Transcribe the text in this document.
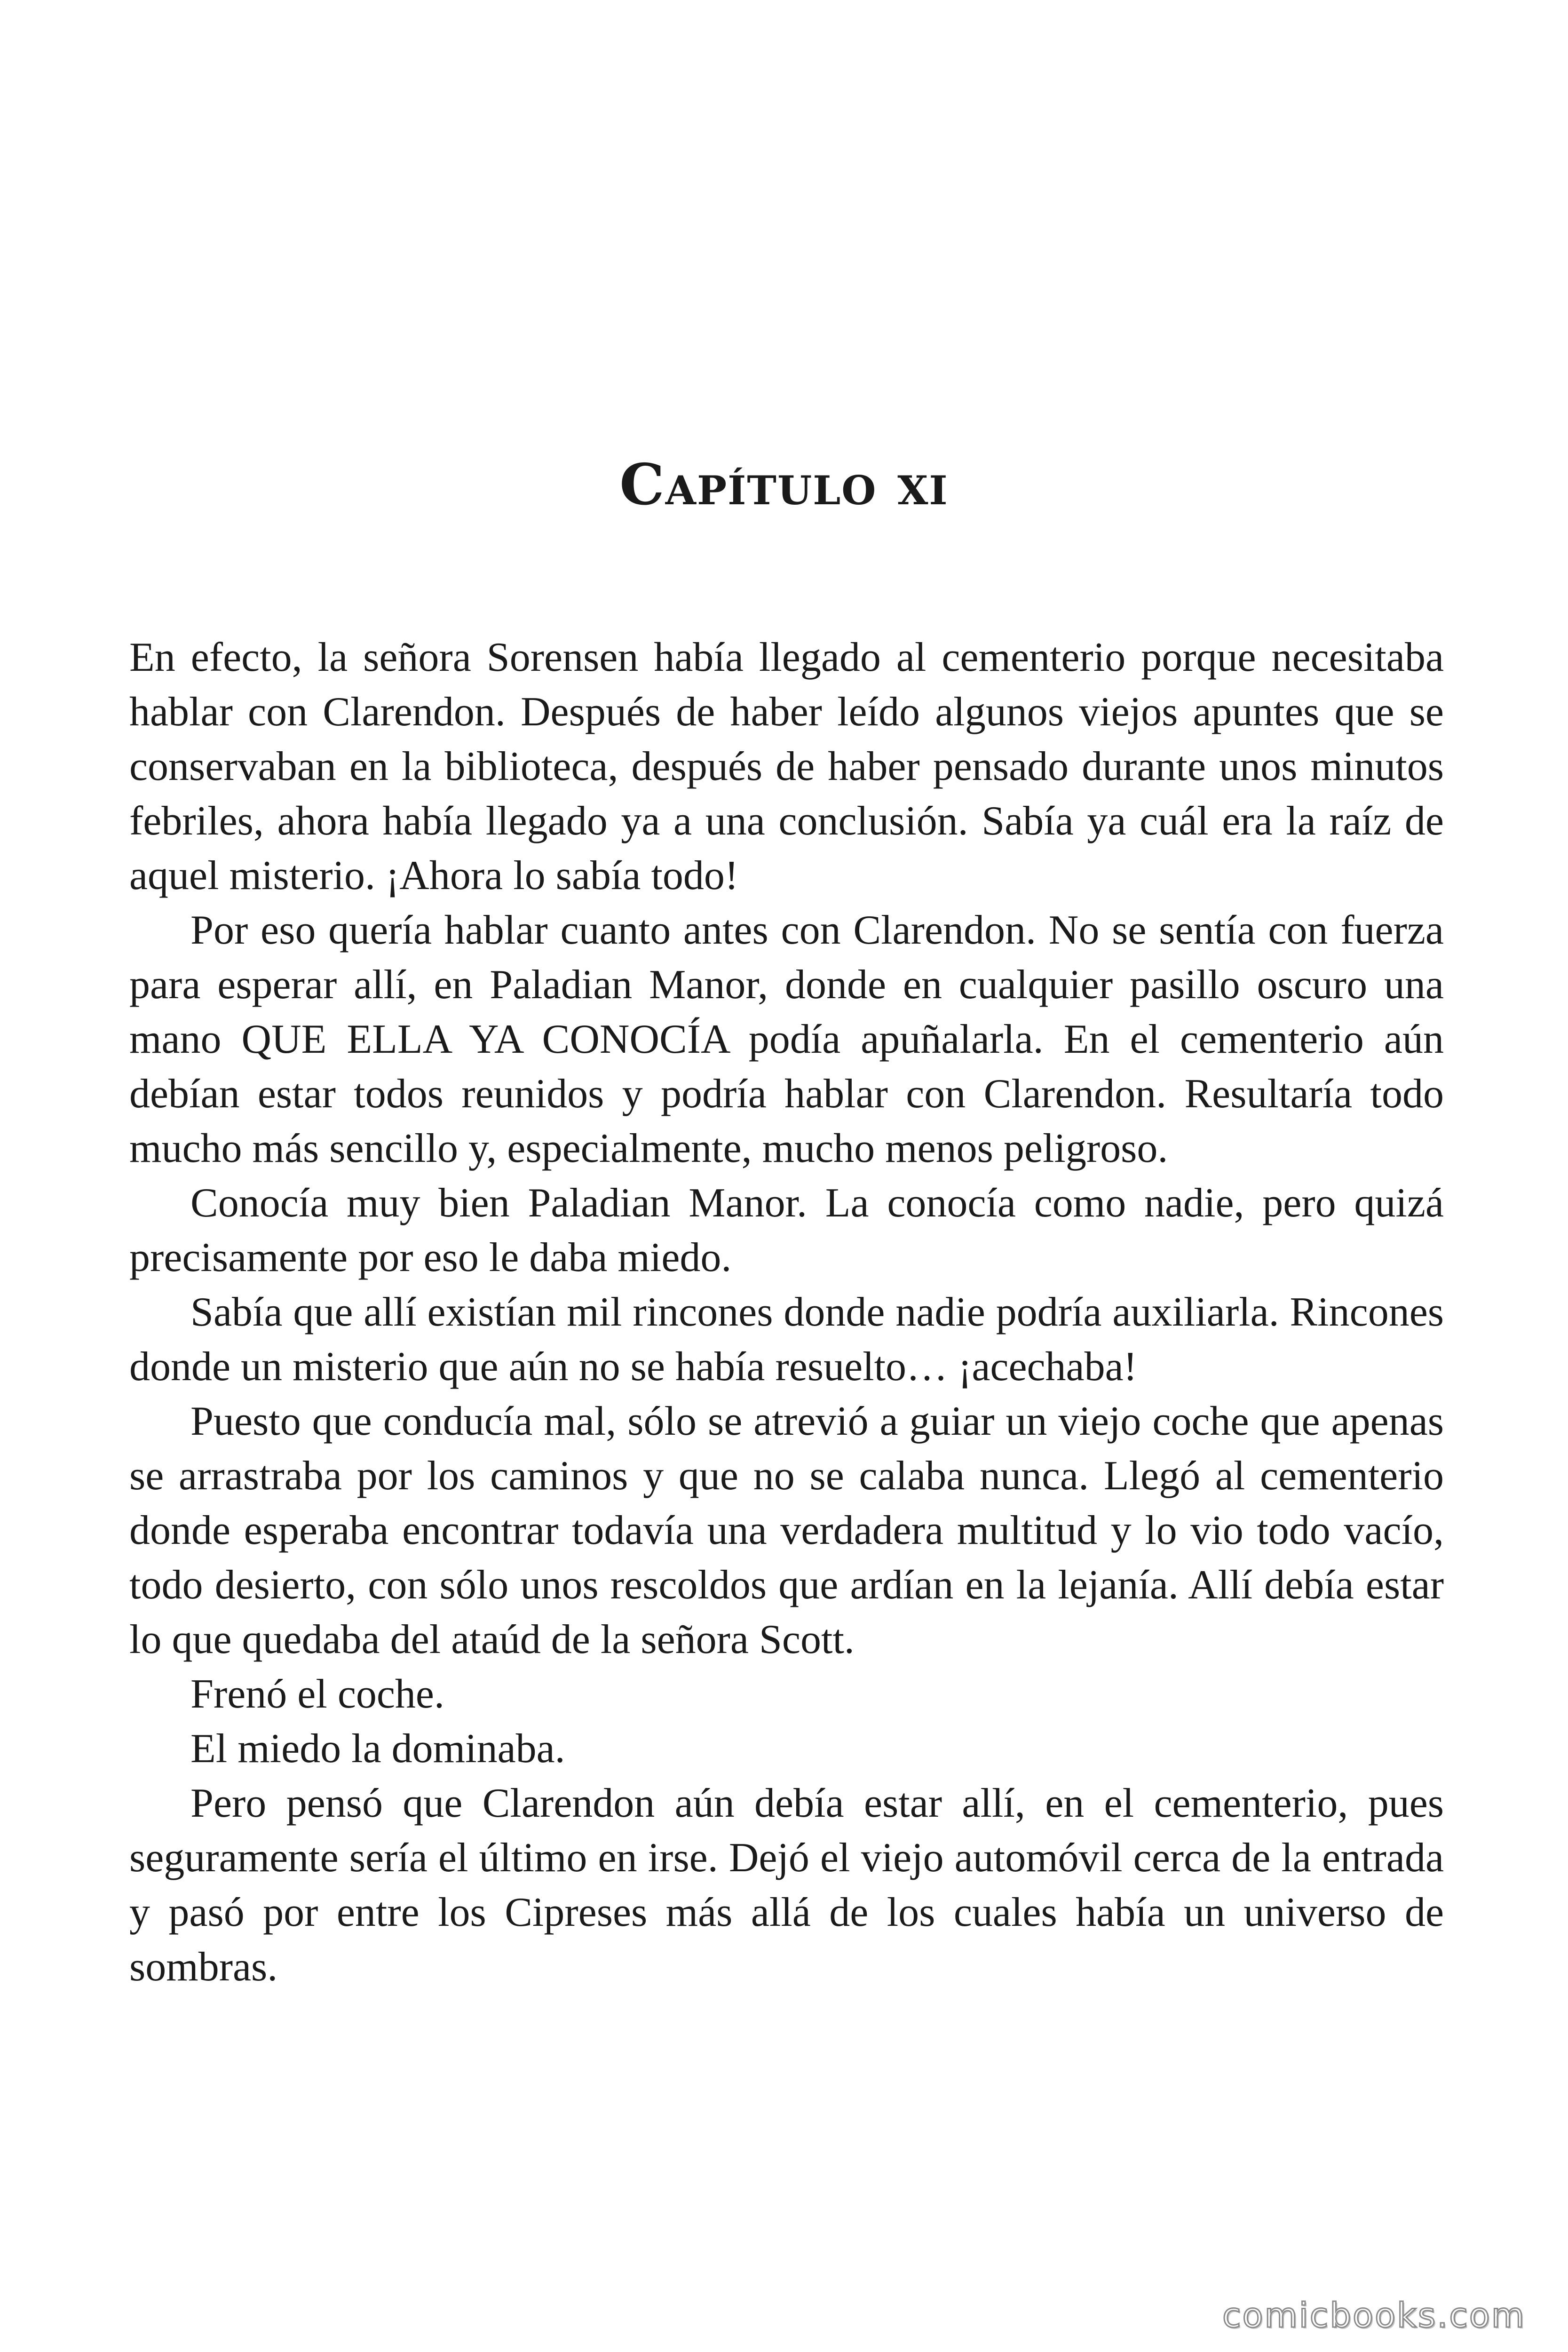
Capítulo xi

En efecto, la señora Sorensen había llegado al cementerio porque necesitaba hablar con Clarendon. Después de haber leído algunos viejos apuntes que se conservaban en la biblioteca, después de haber pensado durante unos minutos febriles, ahora había llegado ya a una conclusión. Sabía ya cuál era la raíz de aquel misterio. ¡Ahora lo sabía todo!

Por eso quería hablar cuanto antes con Clarendon. No se sentía con fuerza para esperar allí, en Paladian Manor, donde en cualquier pasillo oscuro una mano QUE ELLA YA CONOCÍA podía apuñalarla. En el cementerio aún debían estar todos reunidos y podría hablar con Clarendon. Resultaría todo mucho más sencillo y, especialmente, mucho menos peligroso.

Conocía muy bien Paladian Manor. La conocía como nadie, pero quizá precisamente por eso le daba miedo.

Sabía que allí existían mil rincones donde nadie podría auxiliarla. Rincones donde un misterio que aún no se había resuelto… ¡acechaba!

Puesto que conducía mal, sólo se atrevió a guiar un viejo coche que apenas se arrastraba por los caminos y que no se calaba nunca. Llegó al cementerio donde esperaba encontrar todavía una verdadera multitud y lo vio todo vacío, todo desierto, con sólo unos rescoldos que ardían en la lejanía. Allí debía estar lo que quedaba del ataúd de la señora Scott.

Frenó el coche.

El miedo la dominaba.

Pero pensó que Clarendon aún debía estar allí, en el cementerio, pues seguramente sería el último en irse. Dejó el viejo automóvil cerca de la entrada y pasó por entre los Cipreses más allá de los cuales había un universo de sombras.

comicbooks.com
